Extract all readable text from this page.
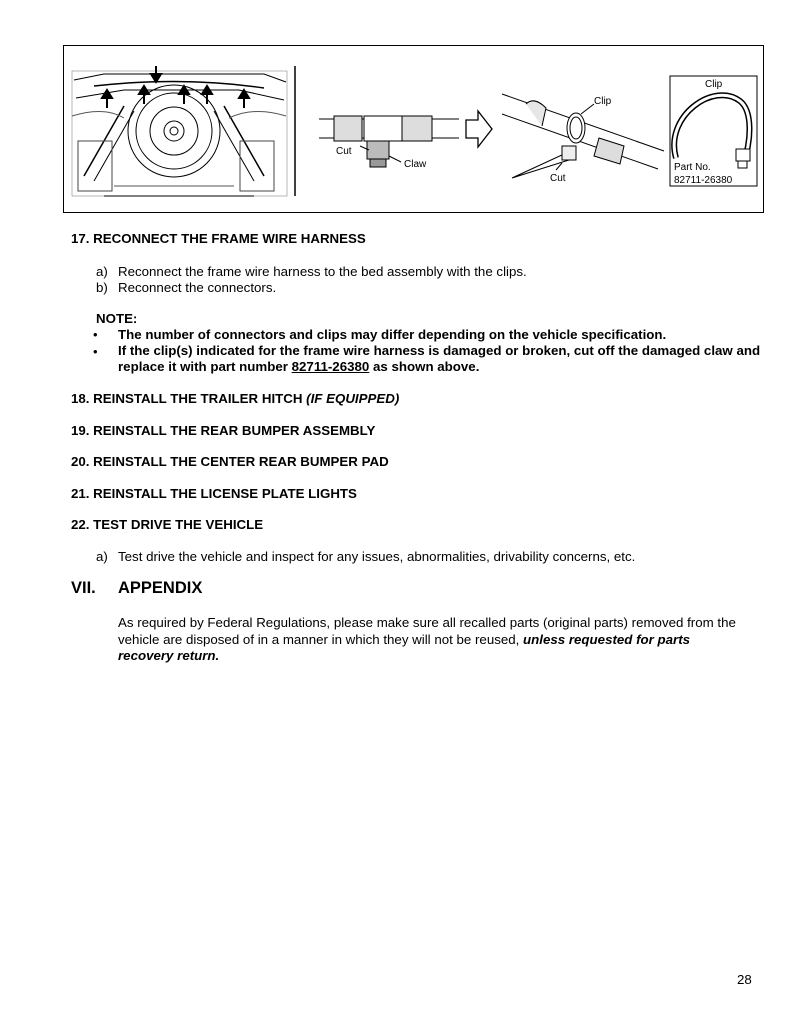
Cut
Claw
Clip
Cut
Clip
Part No.
82711-26380
17. RECONNECT THE FRAME WIRE HARNESS
a) Reconnect the frame wire harness to the bed assembly with the clips.
b) Reconnect the connectors.
NOTE:
• The number of connectors and clips may differ depending on the vehicle specification.
• If the clip(s) indicated for the frame wire harness is damaged or broken, cut off the damaged claw and replace it with part number 82711-26380 as shown above.
18. REINSTALL THE TRAILER HITCH (IF EQUIPPED)
19. REINSTALL THE REAR BUMPER ASSEMBLY
20. REINSTALL THE CENTER REAR BUMPER PAD
21. REINSTALL THE LICENSE PLATE LIGHTS
22. TEST DRIVE THE VEHICLE
a) Test drive the vehicle and inspect for any issues, abnormalities, drivability concerns, etc.
VII. APPENDIX
As required by Federal Regulations, please make sure all recalled parts (original parts) removed from the vehicle are disposed of in a manner in which they will not be reused, unless requested for parts recovery return.
28
